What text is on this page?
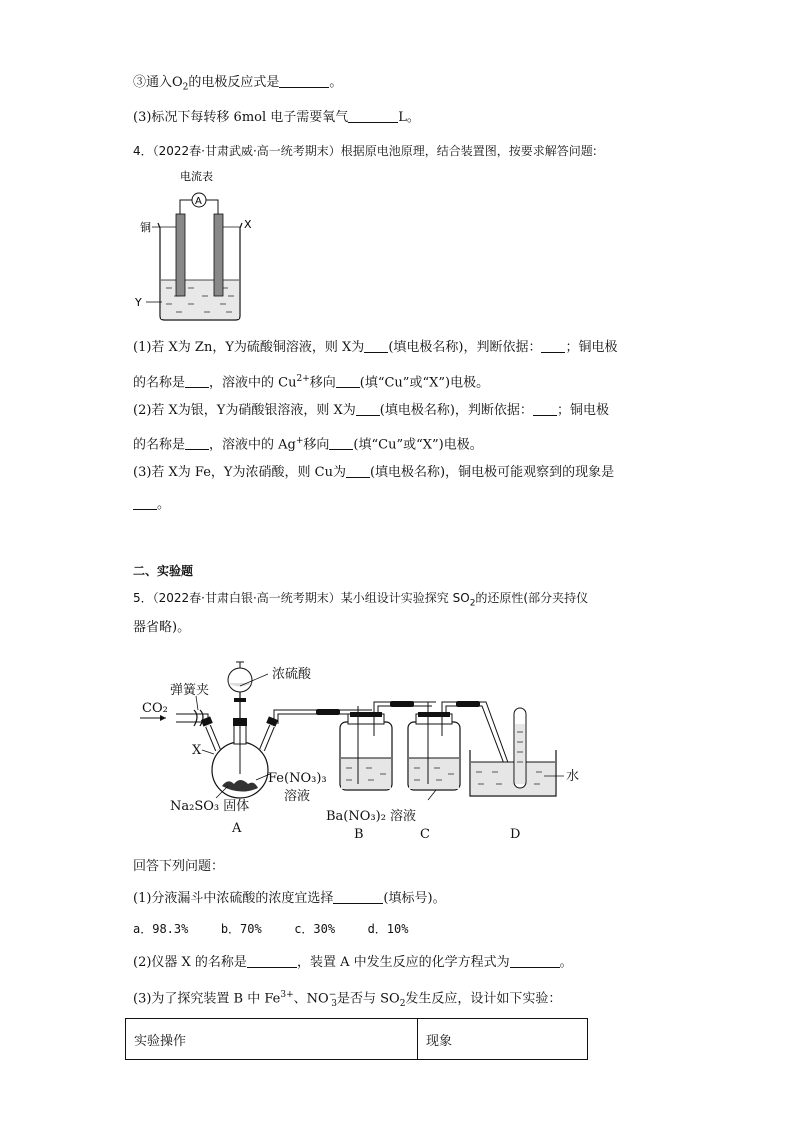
③通入$O_2$的电极反应式是	。
(3)标况下每转移 6mol 电子需要氧气	L。
4．（2022春·甘肃武威·高一统考期末）根据原电池原理，结合装置图，按要求解答问题:
电流表
A
铜	X
Y
(1)若 X为 Zn，Y为硫酸铜溶液，则 X为 (填电极名称)，判断依据： ；铜电极
的名称是 ，溶液中的 $Cu^{2+}$移向 (填“Cu”或“X”)电极。
(2)若 X为银，Y为硝酸银溶液，则 X为 (填电极名称)，判断依据： ；铜电极
的名称是 ，溶液中的 Ag+移向 (填“Cu”或“X”)电极。
(3)若 X为 Fe，Y为浓硝酸，则 Cu为 (填电极名称)，铜电极可能观察到的现象是
。
二、实验题
5．（2022春·甘肃白银·高一统考期末）某小组设计实验探究 $SO_2$的还原性(部分夹持仪
器省略)。
浓硫酸
CO₂
弹簧夹
X
Na₂SO₃ 固体
Fe(NO₃)₃
溶液
水
Ba(NO₃)₂ 溶液
A	B	C	D
回答下列问题：
(1)分液漏斗中浓硫酸的浓度宜选择	(填标号)。
a．98.3%	b．70%	c．30%	d．10%
(2)仪器 X 的名称是	，装置 A 中发生反应的化学方程式为	。
(3)为了探究装置 B 中 $Fe^{3+}$、$NO^-_3$是否与 $SO_2$发生反应，设计如下实验：
实验操作	现象
